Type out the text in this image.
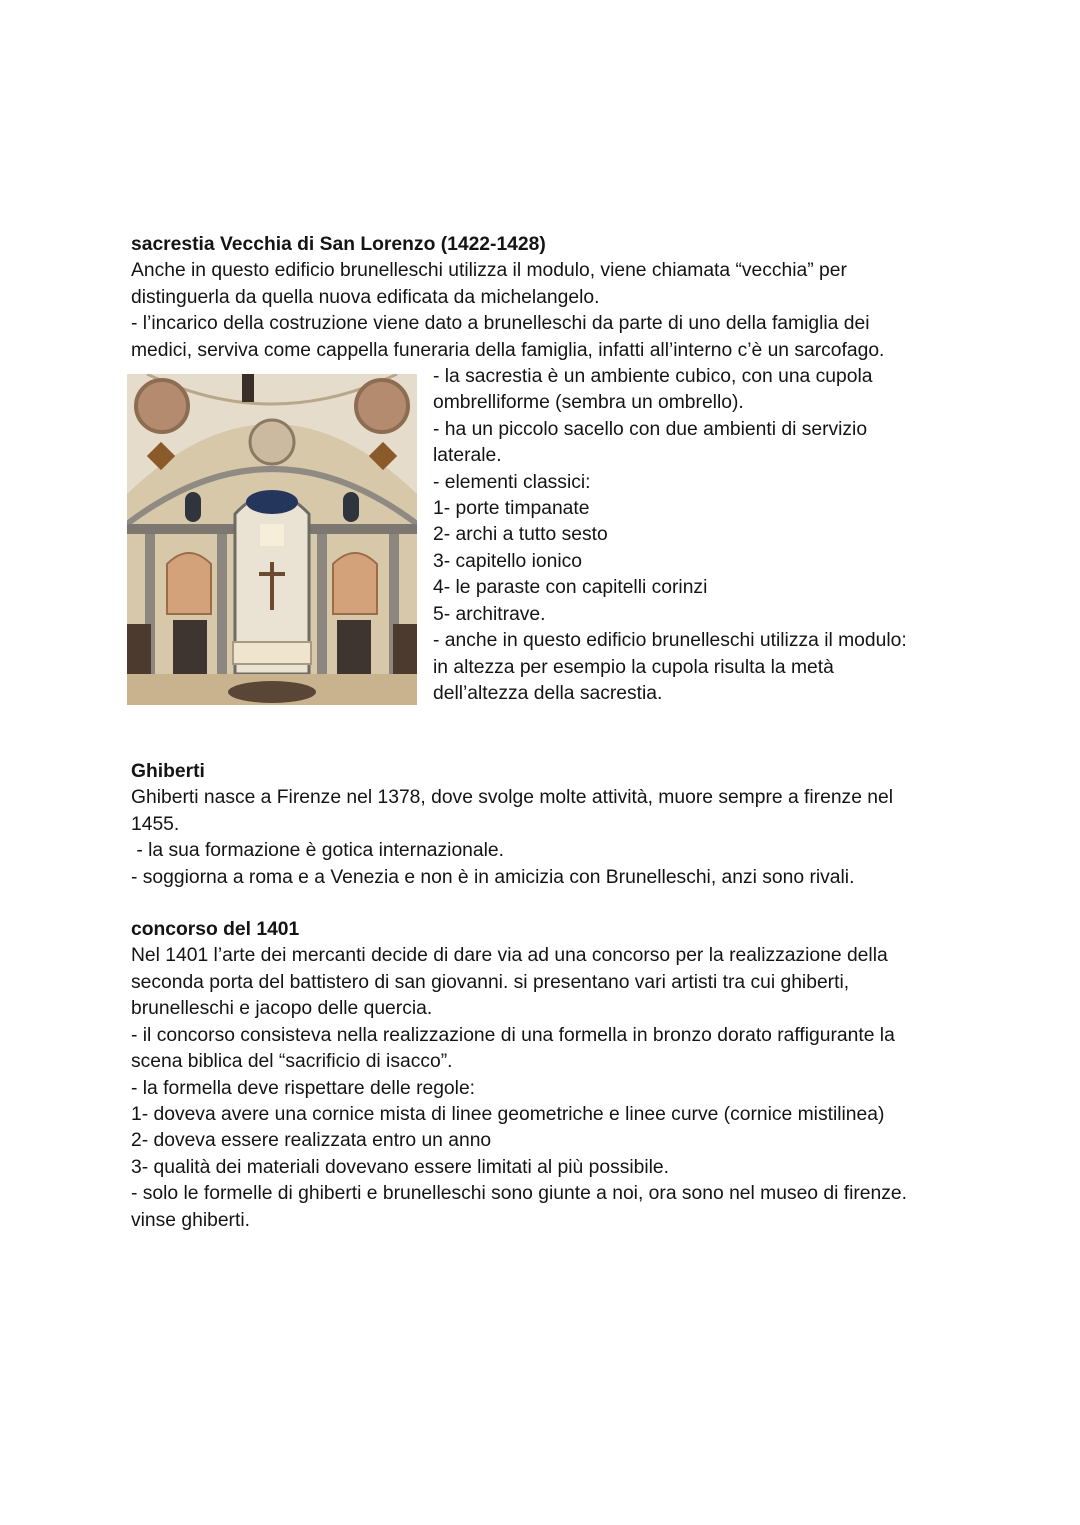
sacrestia Vecchia di San Lorenzo (1422-1428)
Anche in questo edificio brunelleschi utilizza il modulo, viene chiamata “vecchia” per
distinguerla da quella nuova edificata da michelangelo.
- l’incarico della costruzione viene dato a brunelleschi da parte di uno della famiglia dei
medici, serviva come cappella funeraria della famiglia, infatti all’interno c’è un sarcofago.
- la sacrestia è un ambiente cubico, con una cupola
ombrelliforme (sembra un ombrello).
- ha un piccolo sacello con due ambienti di servizio
laterale.
- elementi classici:
1- porte timpanate
2- archi a tutto sesto
3- capitello ionico
4- le paraste con capitelli corinzi
5- architrave.
- anche in questo edificio brunelleschi utilizza il modulo:
in altezza per esempio la cupola risulta la metà
dell’altezza della sacrestia.
Ghiberti
Ghiberti nasce a Firenze nel 1378, dove svolge molte attività, muore sempre a firenze nel
1455.
- la sua formazione è gotica internazionale.
- soggiorna a roma e a Venezia e non è in amicizia con Brunelleschi, anzi sono rivali.
concorso del 1401
Nel 1401 l’arte dei mercanti decide di dare via ad una concorso per la realizzazione della
seconda porta del battistero di san giovanni. si presentano vari artisti tra cui ghiberti,
brunelleschi e jacopo delle quercia.
- il concorso consisteva nella realizzazione di una formella in bronzo dorato raffigurante la
scena biblica del “sacrificio di isacco”.
- la formella deve rispettare delle regole:
1- doveva avere una cornice mista di linee geometriche e linee curve (cornice mistilinea)
2- doveva essere realizzata entro un anno
3- qualità dei materiali dovevano essere limitati al più possibile.
- solo le formelle di ghiberti e brunelleschi sono giunte a noi, ora sono nel museo di firenze.
vinse ghiberti.
